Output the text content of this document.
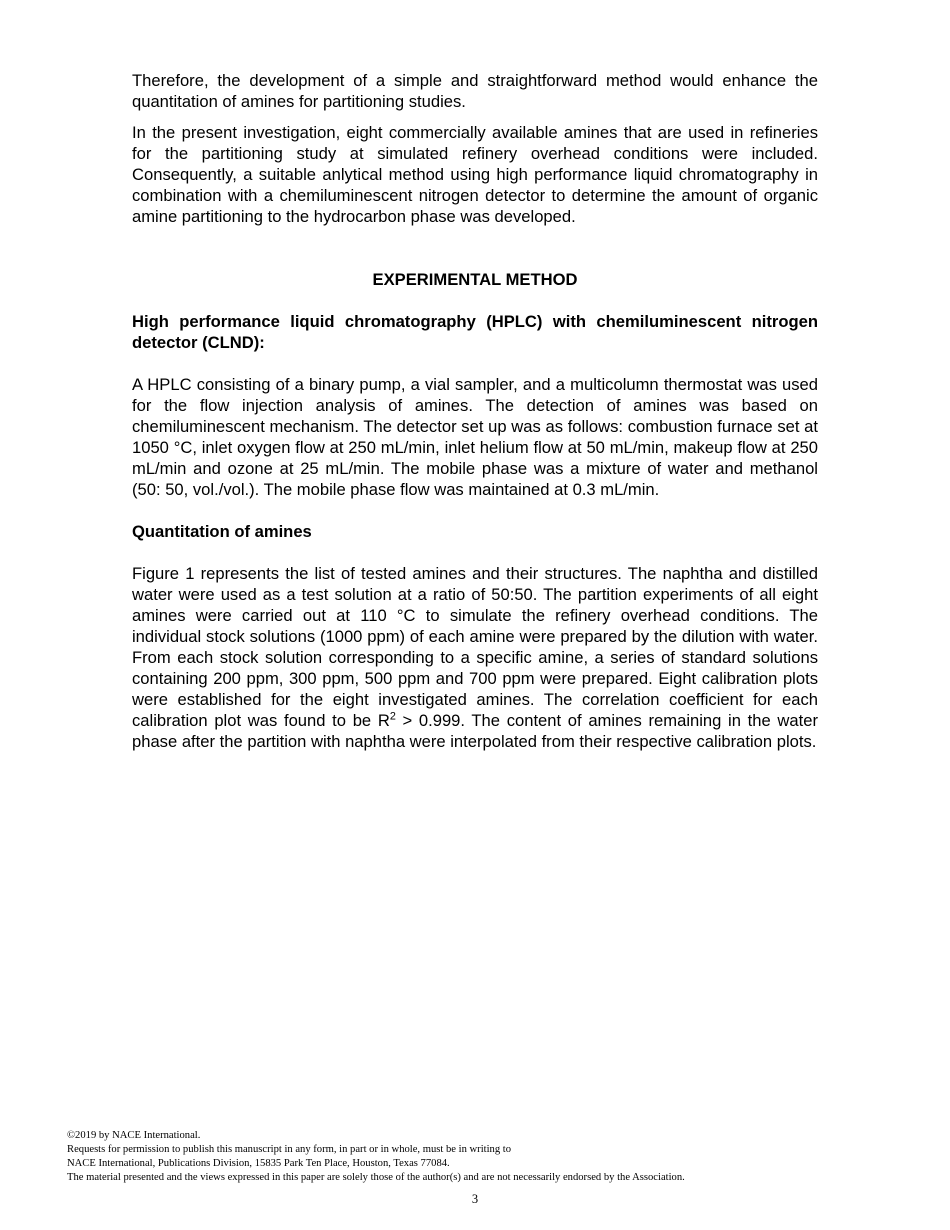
Therefore, the development of a simple and straightforward method would enhance the quantitation of amines for partitioning studies.

In the present investigation, eight commercially available amines that are used in refineries for the partitioning study at simulated refinery overhead conditions were included. Consequently, a suitable anlytical method using high performance liquid chromatography in combination with a chemiluminescent nitrogen detector to determine the amount of organic amine partitioning to the hydrocarbon phase was developed.

EXPERIMENTAL METHOD

High performance liquid chromatography (HPLC) with chemiluminescent nitrogen detector (CLND):

A HPLC consisting of a binary pump, a vial sampler, and a multicolumn thermostat was used for the flow injection analysis of amines. The detection of amines was based on chemiluminescent mechanism. The detector set up was as follows: combustion furnace set at 1050 °C, inlet oxygen flow at 250 mL/min, inlet helium flow at 50 mL/min, makeup flow at 250 mL/min and ozone at 25 mL/min. The mobile phase was a mixture of water and methanol (50: 50, vol./vol.). The mobile phase flow was maintained at 0.3 mL/min.

Quantitation of amines

Figure 1 represents the list of tested amines and their structures. The naphtha and distilled water were used as a test solution at a ratio of 50:50. The partition experiments of all eight amines were carried out at 110 °C to simulate the refinery overhead conditions. The individual stock solutions (1000 ppm) of each amine were prepared by the dilution with water. From each stock solution corresponding to a specific amine, a series of standard solutions containing 200 ppm, 300 ppm, 500 ppm and 700 ppm were prepared. Eight calibration plots were established for the eight investigated amines. The correlation coefficient for each calibration plot was found to be $R^2 > 0.999$. The content of amines remaining in the water phase after the partition with naphtha were interpolated from their respective calibration plots.

©2019 by NACE International.
Requests for permission to publish this manuscript in any form, in part or in whole, must be in writing to
NACE International, Publications Division, 15835 Park Ten Place, Houston, Texas 77084.
The material presented and the views expressed in this paper are solely those of the author(s) and are not necessarily endorsed by the Association.
3
